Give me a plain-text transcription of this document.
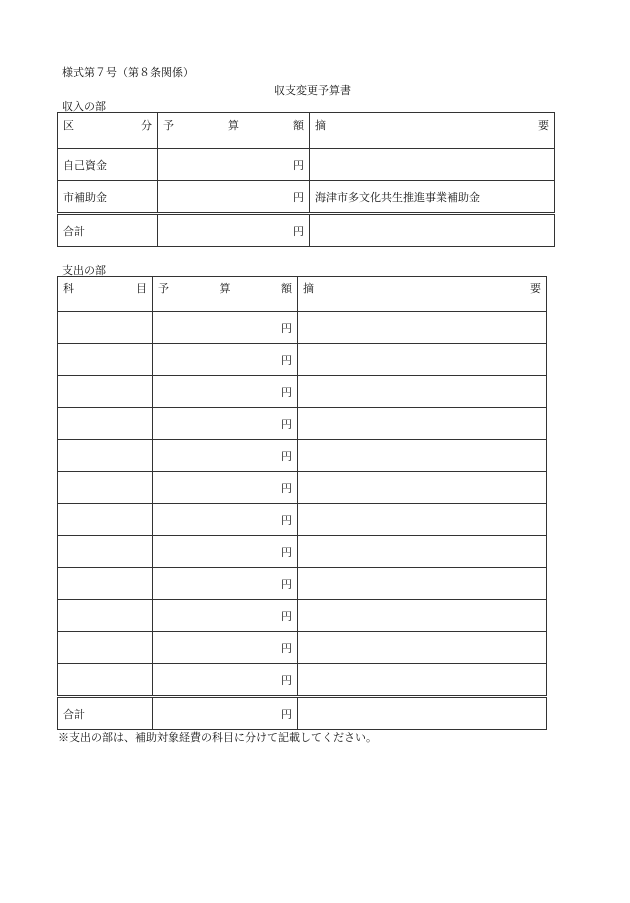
様式第７号（第８条関係）
収支変更予算書
収入の部
区 分	予 算 額	摘 要

自己資金	円	
市補助金	円	海津市多文化共生推進事業補助金
合計	円	
支出の部
科 目	予 算 額	摘 要

	円	
	円	
	円	
	円	
	円	
	円	
	円	
	円	
	円	
	円	
	円	
	円	
合計	円	
※支出の部は、補助対象経費の科目に分けて記載してください。
